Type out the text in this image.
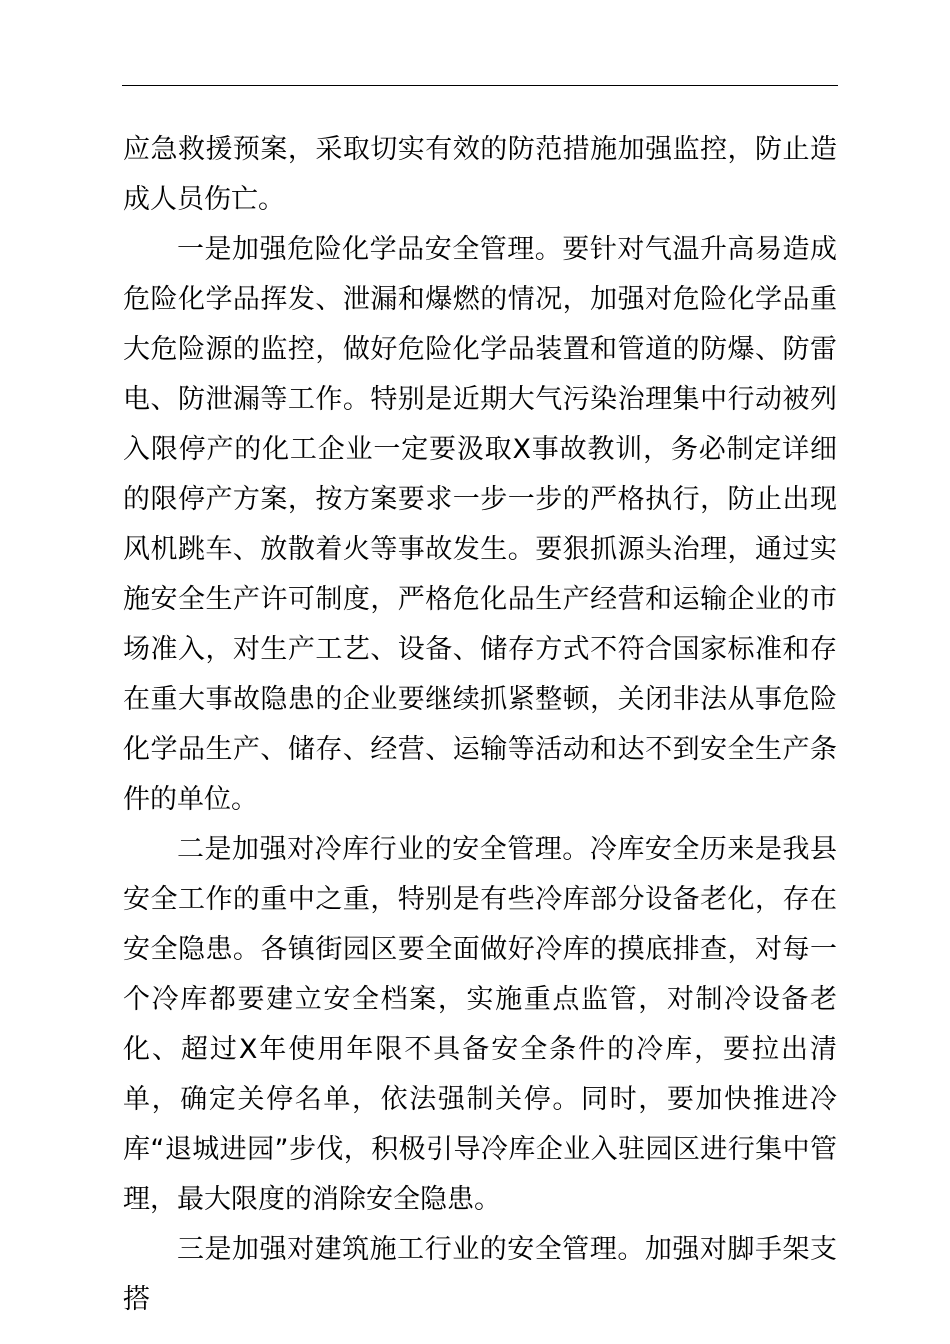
应急救援预案，采取切实有效的防范措施加强监控，防止造成人员伤亡。

一是加强危险化学品安全管理。要针对气温升高易造成危险化学品挥发、泄漏和爆燃的情况，加强对危险化学品重大危险源的监控，做好危险化学品装置和管道的防爆、防雷电、防泄漏等工作。特别是近期大气污染治理集中行动被列入限停产的化工企业一定要汲取X事故教训，务必制定详细的限停产方案，按方案要求一步一步的严格执行，防止出现风机跳车、放散着火等事故发生。要狠抓源头治理，通过实施安全生产许可制度，严格危化品生产经营和运输企业的市场准入，对生产工艺、设备、储存方式不符合国家标准和存在重大事故隐患的企业要继续抓紧整顿，关闭非法从事危险化学品生产、储存、经营、运输等活动和达不到安全生产条件的单位。

二是加强对冷库行业的安全管理。冷库安全历来是我县安全工作的重中之重，特别是有些冷库部分设备老化，存在安全隐患。各镇街园区要全面做好冷库的摸底排查，对每一个冷库都要建立安全档案，实施重点监管，对制冷设备老化、超过X年使用年限不具备安全条件的冷库，要拉出清单，确定关停名单，依法强制关停。同时，要加快推进冷库“退城进园”步伐，积极引导冷库企业入驻园区进行集中管理，最大限度的消除安全隐患。

三是加强对建筑施工行业的安全管理。加强对脚手架支搭
